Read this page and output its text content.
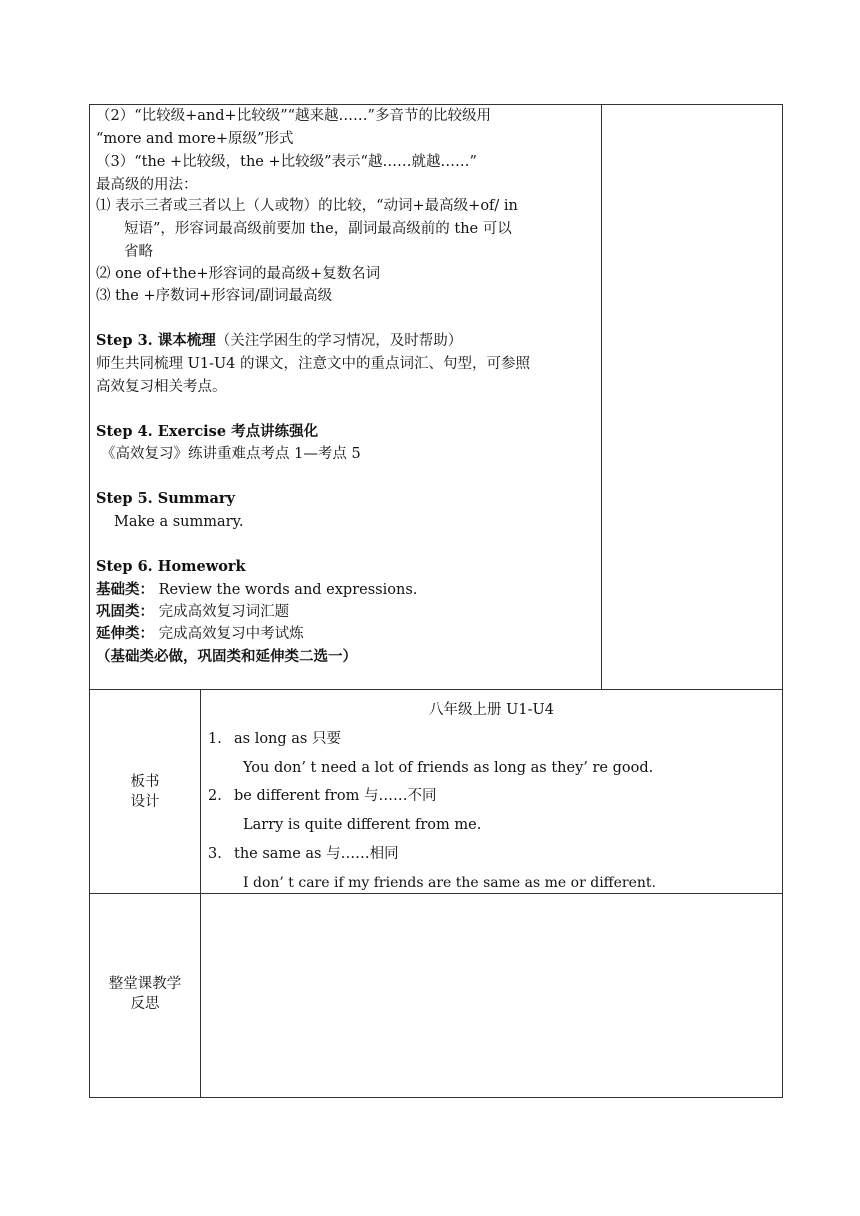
（2）“比较级+and+比较级”“越来越……”多音节的比较级用
“more and more+原级”形式
（3）“the +比较级，the +比较级”表示“越……就越……”
最高级的用法：
⑴ 表示三者或三者以上（人或物）的比较，“动词+最高级+of/ in
短语”，形容词最高级前要加 the，副词最高级前的 the 可以
省略
⑵ one of+the+形容词的最高级+复数名词
⑶ the +序数词+形容词/副词最高级
Step 3. 课本梳理（关注学困生的学习情况，及时帮助）
师生共同梳理 U1-U4 的课文，注意文中的重点词汇、句型，可参照
高效复习相关考点。
Step 4. Exercise 考点讲练强化
《高效复习》练讲重难点考点 1—考点 5
Step 5. Summary
Make a summary.
Step 6. Homework
基础类： Review the words and expressions.
巩固类： 完成高效复习词汇题
延伸类： 完成高效复习中考试炼
（基础类必做，巩固类和延伸类二选一）
板书
设计
八年级上册 U1-U4
1. as long as 只要
You don’ t need a lot of friends as long as they’ re good.
2. be different from 与……不同
Larry is quite different from me.
3. the same as 与……相同
I don’ t care if my friends are the same as me or different.
整堂课教学
反思
